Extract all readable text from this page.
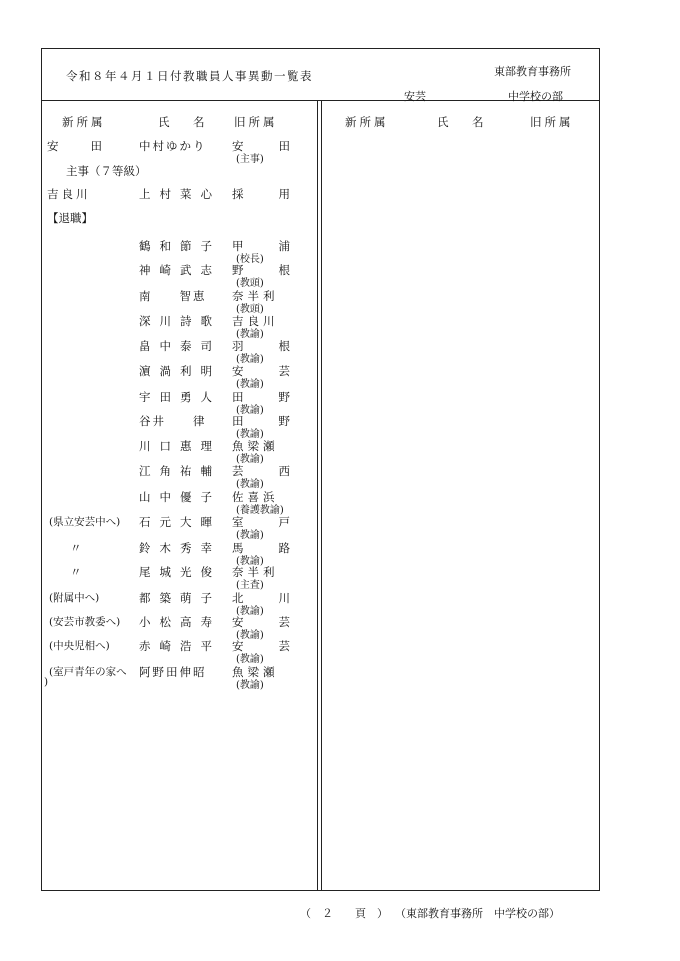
令和８年４月１日付教職員人事異動一覧表	東部教育事務所
安芸	中学校の部
新所属	氏　名 旧所属	新所属	氏　名	旧所属
安　　田	中村ゆかり 安　　田
(主事)
主事（７等級）
吉良川	上村菜心 採　　用
【退職】
鶴和節子 甲　　浦
(校長)
神崎武志 野　　根
(教頭)
南　　智恵 奈半利
(教頭)
深川詩歌 吉良川
(教諭)
畠中泰司 羽　　根
(教諭)
濵渦利明 安　　芸
(教諭)
宇田勇人 田　　野
(教諭)
谷井　　律 田　　野
(教諭)
川口惠理 魚梁瀬
(教諭)
江角祐輔 芸　　西
(教諭)
山中優子 佐喜浜
(養護教諭)
(県立安芸中へ) 石元大暉 室　　戸
(教諭)
〃	鈴木秀幸 馬　　路
(教諭)
〃	尾城光俊 奈半利
(主査)
(附属中へ)	都築萌子 北　　川
(教諭)
(安芸市教委へ) 小松高寿 安　　芸
(教諭)
(中央児相へ)	赤崎浩平 安　　芸
(教諭)
(室戸青年の家へ
)
阿野田伸昭 魚梁瀬
(教諭)
（　２　　頁　） （東部教育事務所　中学校の部）
